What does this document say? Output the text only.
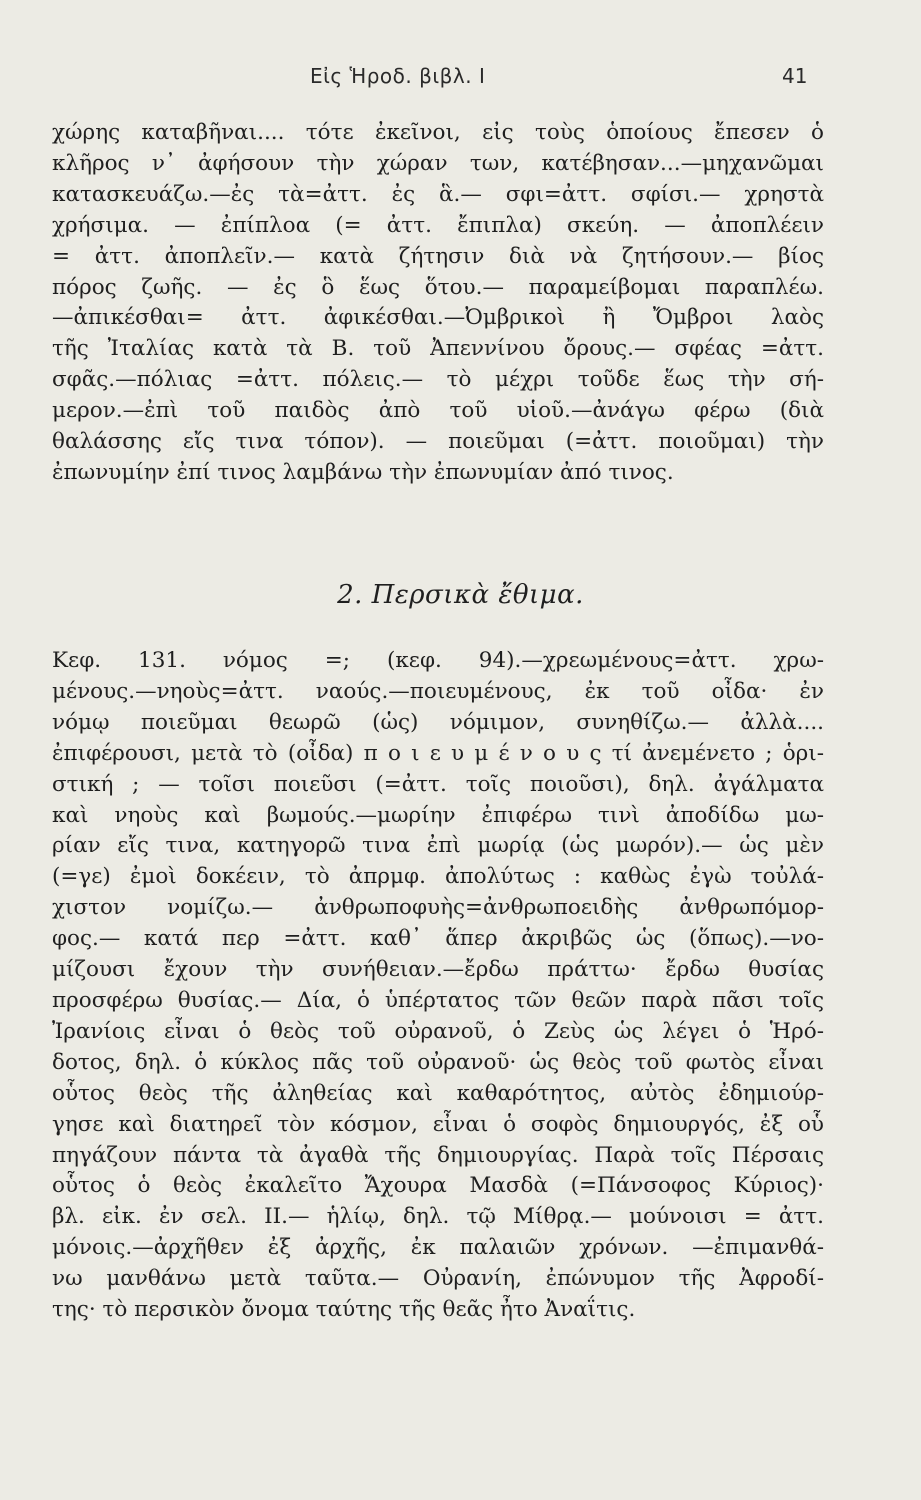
Εἰς Ἡροδ. βιβλ. Ι	41
χώρης καταβῆναι.... τότε ἐκεῖνοι, εἰς τοὺς ὁποίους ἔπεσεν ὁ
κλῆρος ν᾽ ἀφήσουν τὴν χώραν των, κατέβησαν...—μηχανῶμαι
κατασκευάζω.—ἐς τὰ=ἀττ. ἐς ἃ.— σφι=ἀττ. σφίσι.— χρηστὰ
χρήσιμα. — ἐπίπλοα (= ἀττ. ἔπιπλα) σκεύη. — ἀποπλέειν
= ἀττ. ἀποπλεῖν.— κατὰ ζήτησιν διὰ νὰ ζητήσουν.— βίος
πόρος ζωῆς. — ἐς ὃ ἕως ὅτου.— παραμείβομαι παραπλέω.
—ἀπικέσθαι= ἀττ. ἀφικέσθαι.—Ὀμβρικοὶ ἢ Ὄμβροι λαὸς
τῆς Ἰταλίας κατὰ τὰ Β. τοῦ Ἀπεννίνου ὄρους.— σφέας =ἀττ.
σφᾶς.—πόλιας =ἀττ. πόλεις.— τὸ μέχρι τοῦδε ἕως τὴν σή-
μερον.—ἐπὶ τοῦ παιδὸς ἀπὸ τοῦ υἱοῦ.—ἀνάγω φέρω (διὰ
θαλάσσης εἴς τινα τόπον). — ποιεῦμαι (=ἀττ. ποιοῦμαι) τὴν
ἐπωνυμίην ἐπί τινος λαμβάνω τὴν ἐπωνυμίαν ἀπό τινος.
2. Περσικὰ ἔθιμα.
Κεφ. 131. νόμος =; (κεφ. 94).—χρεωμένους=ἀττ. χρω-
μένους.—νηοὺς=ἀττ. ναούς.—ποιευμένους, ἐκ τοῦ οἶδα· ἐν
νόμῳ ποιεῦμαι θεωρῶ (ὡς) νόμιμον, συνηθίζω.— ἀλλὰ....
ἐπιφέρουσι, μετὰ τὸ (οἶδα) π ο ι ε υ μ έ ν ο υ ς τί ἀνεμένετο ; ὁρι-
στική ; — τοῖσι ποιεῦσι (=ἀττ. τοῖς ποιοῦσι), δηλ. ἀγάλματα
καὶ νηοὺς καὶ βωμούς.—μωρίην ἐπιφέρω τινὶ ἀποδίδω μω-
ρίαν εἴς τινα, κατηγορῶ τινα ἐπὶ μωρίᾳ (ὡς μωρόν).— ὡς μὲν
(=γε) ἐμοὶ δοκέειν, τὸ ἀπρμφ. ἀπολύτως : καθὼς ἐγὼ τοὐλά-
χιστον νομίζω.— ἀνθρωποφυὴς=ἀνθρωποειδὴς ἀνθρωπόμορ-
φος.— κατά περ =ἀττ. καθ᾽ ἅπερ ἀκριβῶς ὡς (ὅπως).—νο-
μίζουσι ἔχουν τὴν συνήθειαν.—ἔρδω πράττω· ἔρδω θυσίας
προσφέρω θυσίας.— Δία, ὁ ὑπέρτατος τῶν θεῶν παρὰ πᾶσι τοῖς
Ἰρανίοις εἶναι ὁ θεὸς τοῦ οὐρανοῦ, ὁ Ζεὺς ὡς λέγει ὁ Ἡρό-
δοτος, δηλ. ὁ κύκλος πᾶς τοῦ οὐρανοῦ· ὡς θεὸς τοῦ φωτὸς εἶναι
οὗτος θεὸς τῆς ἀληθείας καὶ καθαρότητος, αὐτὸς ἐδημιούρ-
γησε καὶ διατηρεῖ τὸν κόσμον, εἶναι ὁ σοφὸς δημιουργός, ἐξ οὗ
πηγάζουν πάντα τὰ ἀγαθὰ τῆς δημιουργίας. Παρὰ τοῖς Πέρσαις
οὗτος ὁ θεὸς ἐκαλεῖτο Ἄχουρα Μασδὰ (=Πάνσοφος Κύριος)·
βλ. εἰκ. ἐν σελ. ΙΙ.— ἡλίῳ, δηλ. τῷ Μίθρᾳ.— μούνοισι = ἀττ.
μόνοις.—ἀρχῆθεν ἐξ ἀρχῆς, ἐκ παλαιῶν χρόνων. —ἐπιμανθά-
νω μανθάνω μετὰ ταῦτα.— Οὐρανίη, ἐπώνυμον τῆς Ἀφροδί-
της· τὸ περσικὸν ὄνομα ταύτης τῆς θεᾶς ἦτο Ἀναΐτις.
